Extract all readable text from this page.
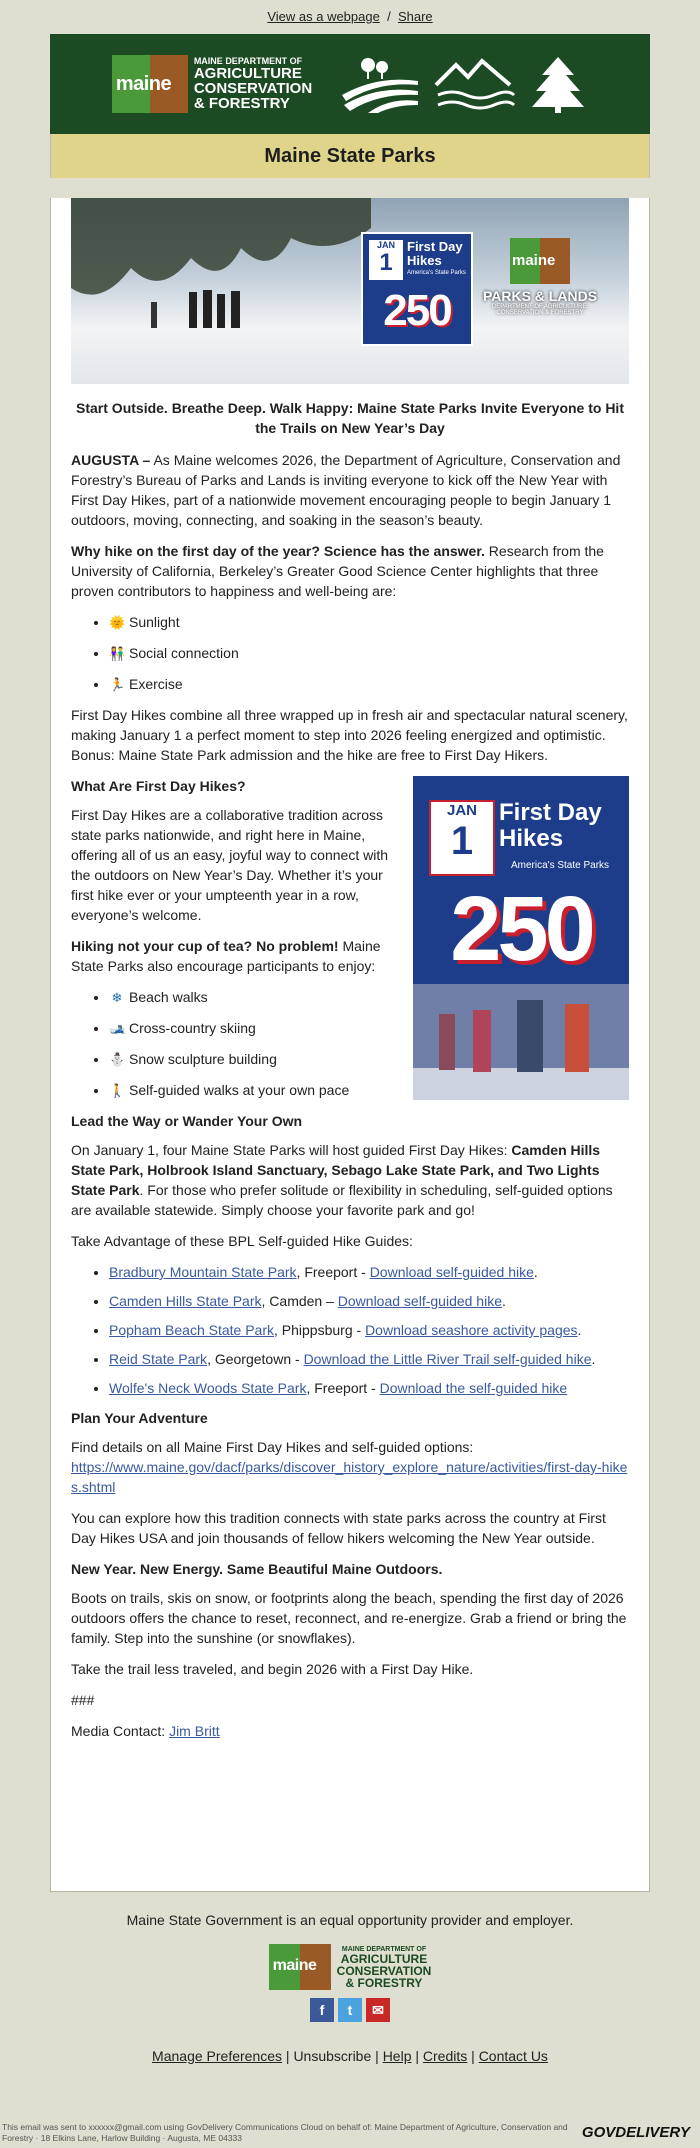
View as a webpage / Share
maine
MAINE DEPARTMENT OF
AGRICULTURE
CONSERVATION
& FORESTRY
Maine State Parks
JAN
1
First Day Hikes
America's State Parks
250
maine
PARKS & LANDS
DEPARTMENT OF AGRICULTURE, CONSERVATION & FORESTRY
Start Outside. Breathe Deep. Walk Happy: Maine State Parks Invite Everyone to Hit the Trails on New Year’s Day

AUGUSTA – As Maine welcomes 2026, the Department of Agriculture, Conservation and Forestry’s Bureau of Parks and Lands is inviting everyone to kick off the New Year with First Day Hikes, part of a nationwide movement encouraging people to begin January 1 outdoors, moving, connecting, and soaking in the season’s beauty.

Why hike on the first day of the year? Science has the answer. Research from the University of California, Berkeley’s Greater Good Science Center highlights that three proven contributors to happiness and well-being are:

• 🌞 Sunlight
• 👫 Social connection
• 🏃 Exercise

First Day Hikes combine all three wrapped up in fresh air and spectacular natural scenery, making January 1 a perfect moment to step into 2026 feeling energized and optimistic. Bonus: Maine State Park admission and the hike are free to First Day Hikers.

JAN
1
First Day Hikes
America's State Parks
250
What Are First Day Hikes?

First Day Hikes are a collaborative tradition across state parks nationwide, and right here in Maine, offering all of us an easy, joyful way to connect with the outdoors on New Year’s Day. Whether it’s your first hike ever or your umpteenth year in a row, everyone’s welcome.

Hiking not your cup of tea? No problem! Maine State Parks also encourage participants to enjoy:

• ❄ Beach walks
• 🎿 Cross-country skiing
• ⛄ Snow sculpture building
• 🚶 Self-guided walks at your own pace
Lead the Way or Wander Your Own

On January 1, four Maine State Parks will host guided First Day Hikes: Camden Hills State Park, Holbrook Island Sanctuary, Sebago Lake State Park, and Two Lights State Park. For those who prefer solitude or flexibility in scheduling, self-guided options are available statewide. Simply choose your favorite park and go!

Take Advantage of these BPL Self-guided Hike Guides:

• Bradbury Mountain State Park, Freeport - Download self-guided hike.
• Camden Hills State Park, Camden – Download self-guided hike.
• Popham Beach State Park, Phippsburg - Download seashore activity pages.
• Reid State Park, Georgetown - Download the Little River Trail self-guided hike.
• Wolfe's Neck Woods State Park, Freeport - Download the self-guided hike
Plan Your Adventure

Find details on all Maine First Day Hikes and self-guided options:
https://www.maine.gov/dacf/parks/discover_history_explore_nature/activities/first-day-hikes.shtml

You can explore how this tradition connects with state parks across the country at First Day Hikes USA and join thousands of fellow hikers welcoming the New Year outside.

New Year. New Energy. Same Beautiful Maine Outdoors.

Boots on trails, skis on snow, or footprints along the beach, spending the first day of 2026 outdoors offers the chance to reset, reconnect, and re-energize. Grab a friend or bring the family. Step into the sunshine (or snowflakes).

Take the trail less traveled, and begin 2026 with a First Day Hike.

###

Media Contact: Jim Britt

Maine State Government is an equal opportunity provider and employer.
maine
MAINE DEPARTMENT OF
AGRICULTURE
CONSERVATION
& FORESTRY
f	t	✉
Manage Preferences | Unsubscribe | Help | Credits | Contact Us
This email was sent to xxxxxx@gmail.com using GovDelivery Communications Cloud on behalf of: Maine Department of Agriculture, Conservation and Forestry · 18 Elkins Lane, Harlow Building · Augusta, ME 04333	GOVDELIVERY
